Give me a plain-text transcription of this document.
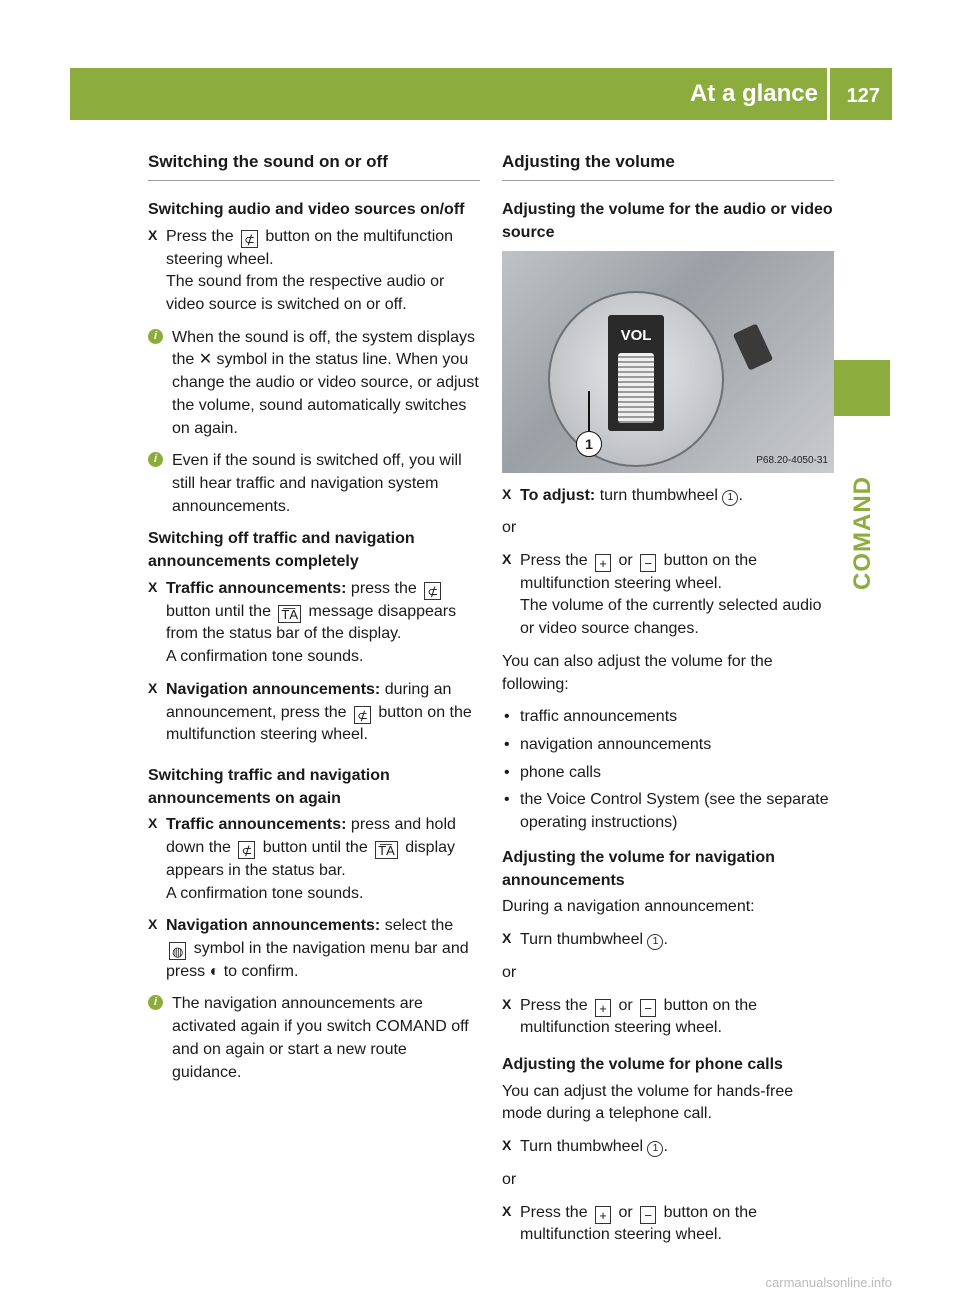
At a glance 127
COMAND
Switching the sound on or off
Switching audio and video sources on/off
X Press the ⊄ button on the multifunction steering wheel.
The sound from the respective audio or video source is switched on or off.
i When the sound is off, the system displays the ✕ symbol in the status line. When you change the audio or video source, or adjust the volume, sound automatically switches on again.
i Even if the sound is switched off, you will still hear traffic and navigation system announcements.
Switching off traffic and navigation announcements completely
X Traffic announcements: press the ⊄ button until the T͞A message disappears from the status bar of the display.
A confirmation tone sounds.
X Navigation announcements: during an announcement, press the ⊄ button on the multifunction steering wheel.
Switching traffic and navigation announcements on again
X Traffic announcements: press and hold down the ⊄ button until the T͞A display appears in the status bar.
A confirmation tone sounds.
X Navigation announcements: select the ◍ symbol in the navigation menu bar and press ◐ to confirm.
i The navigation announcements are activated again if you switch COMAND off and on again or start a new route guidance.
Adjusting the volume
Adjusting the volume for the audio or video source
VOL
1
P68.20-4050-31
X To adjust: turn thumbwheel 1 .

or

X Press the + or − button on the multifunction steering wheel.
The volume of the currently selected audio or video source changes.

You can also adjust the volume for the following:

• traffic announcements
• navigation announcements
• phone calls
• the Voice Control System (see the separate operating instructions)
Adjusting the volume for navigation announcements

During a navigation announcement:

X Turn thumbwheel 1 .

or

X Press the + or − button on the multifunction steering wheel.
Adjusting the volume for phone calls

You can adjust the volume for hands-free mode during a telephone call.

X Turn thumbwheel 1 .

or

X Press the + or − button on the multifunction steering wheel.
carmanualsonline.info
